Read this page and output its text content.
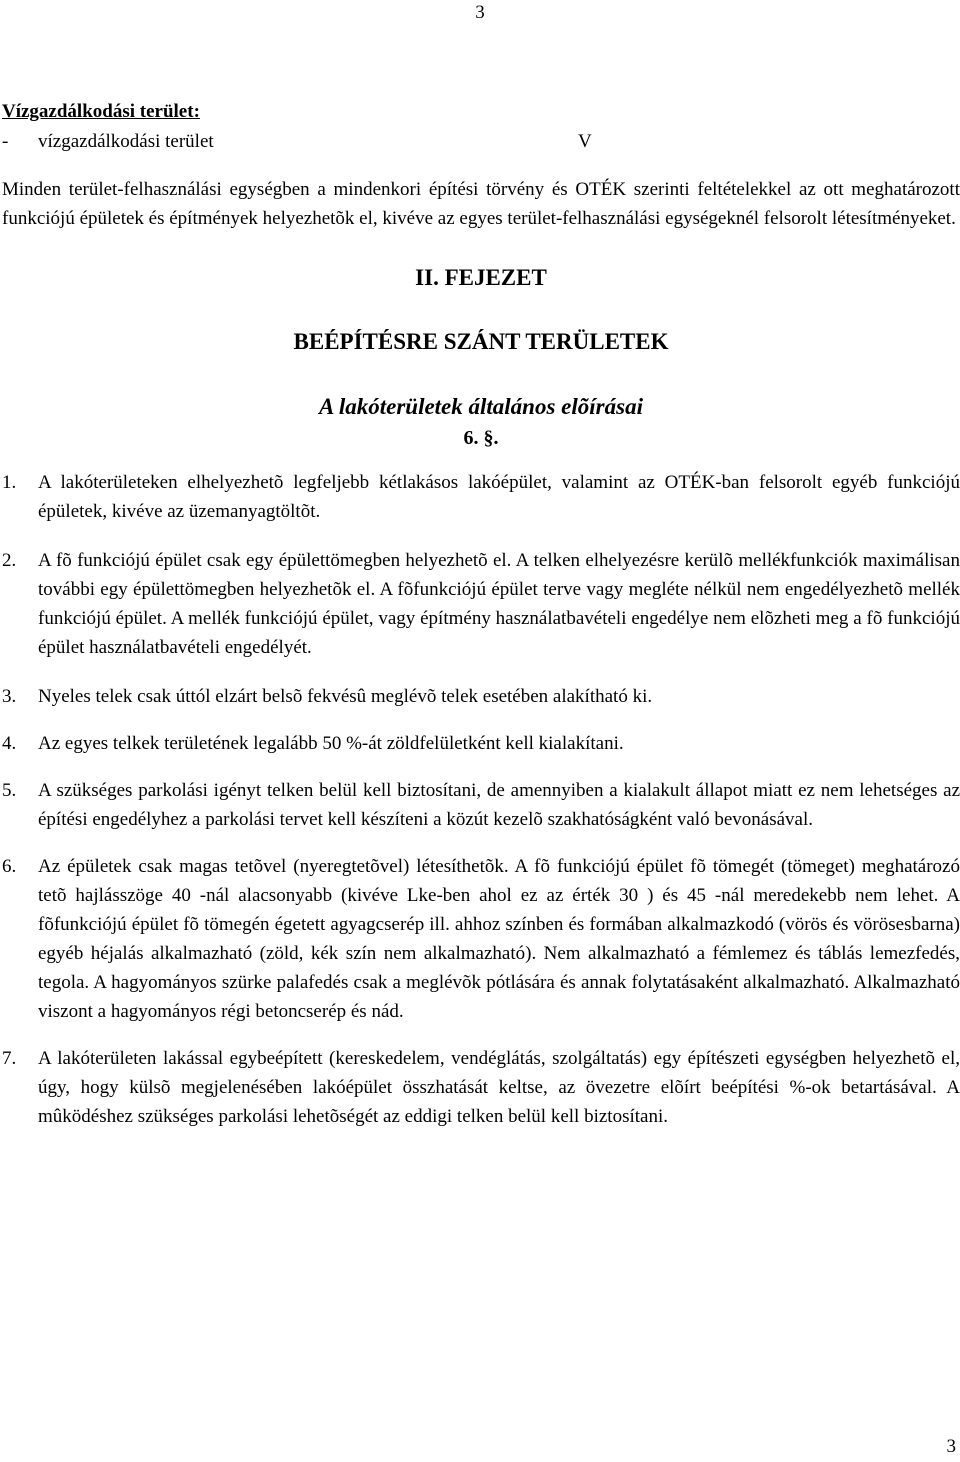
3

Vízgazdálkodási terület:

- vízgazdálkodási terület	V

Minden terület-felhasználási egységben a mindenkori építési törvény és OTÉK szerinti feltételekkel az ott meghatározott funkciójú épületek és építmények helyezhetõk el, kivéve az egyes terület-felhasználási egységeknél felsorolt létesítményeket.

II. FEJEZET

BEÉPÍTÉSRE SZÁNT TERÜLETEK

A lakóterületek általános elõírásai

6. §.

1. A lakóterületeken elhelyezhetõ legfeljebb kétlakásos lakóépület, valamint az OTÉK-ban felsorolt egyéb funkciójú épületek, kivéve az üzemanyagtöltõt.
2. A fõ funkciójú épület csak egy épülettömegben helyezhetõ el. A telken elhelyezésre kerülõ mellékfunkciók maximálisan további egy épülettömegben helyezhetõk el. A fõfunkciójú épület terve vagy megléte nélkül nem engedélyezhetõ mellék funkciójú épület. A mellék funkciójú épület, vagy építmény használatbavételi engedélye nem elõzheti meg a fõ funkciójú épület használatbavételi engedélyét.
3. Nyeles telek csak úttól elzárt belsõ fekvésû meglévõ telek esetében alakítható ki.
4. Az egyes telkek területének legalább 50 %-át zöldfelületként kell kialakítani.
5. A szükséges parkolási igényt telken belül kell biztosítani, de amennyiben a kialakult állapot miatt ez nem lehetséges az építési engedélyhez a parkolási tervet kell készíteni a közút kezelõ szakhatóságként való bevonásával.
6. Az épületek csak magas tetõvel (nyeregtetõvel) létesíthetõk. A fõ funkciójú épület fõ tömegét (tömeget) meghatározó tetõ hajlásszöge 40 -nál alacsonyabb (kivéve Lke-ben ahol ez az érték 30 ) és 45 -nál meredekebb nem lehet. A fõfunkciójú épület fõ tömegén égetett agyagcserép ill. ahhoz színben és formában alkalmazkodó (vörös és vörösesbarna) egyéb héjalás alkalmazható (zöld, kék szín nem alkalmazható). Nem alkalmazható a fémlemez és táblás lemezfedés, tegola. A hagyományos szürke palafedés csak a meglévõk pótlására és annak folytatásaként alkalmazható. Alkalmazható viszont a hagyományos régi betoncserép és nád.
7. A lakóterületen lakással egybeépített (kereskedelem, vendéglátás, szolgáltatás) egy építészeti egységben helyezhetõ el, úgy, hogy külsõ megjelenésében lakóépület összhatását keltse, az övezetre elõírt beépítési %-ok betartásával. A mûködéshez szükséges parkolási lehetõségét az eddigi telken belül kell biztosítani.
3
